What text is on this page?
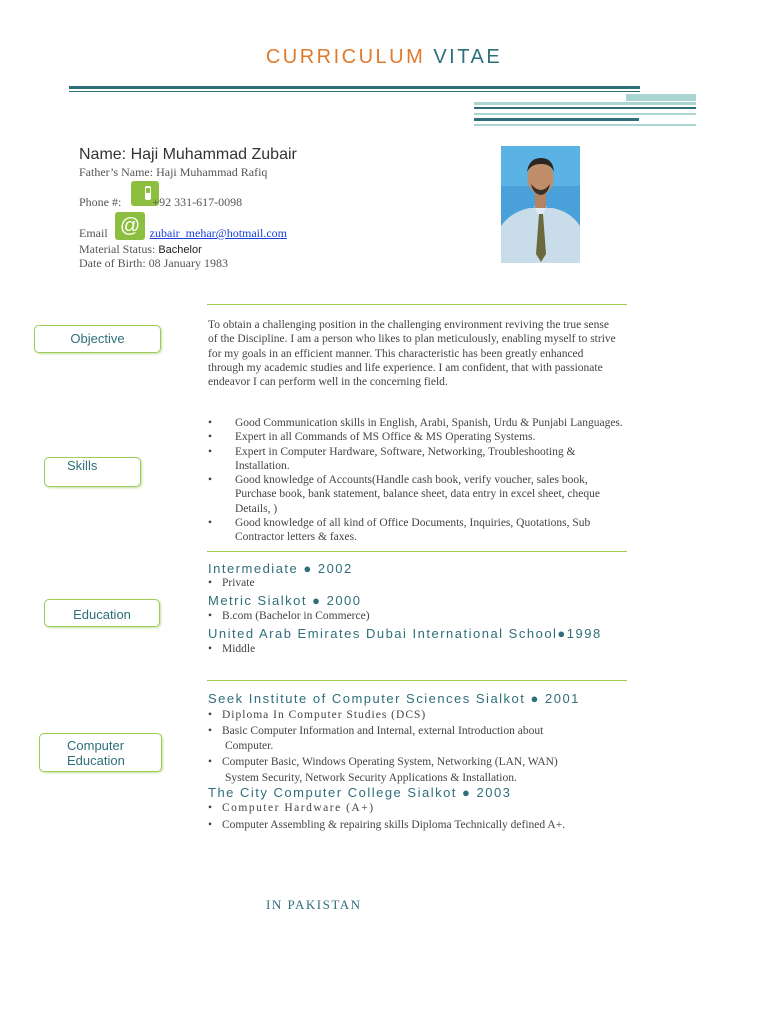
CURRICULUM VITAE
Name: Haji Muhammad Zubair
Father’s Name: Haji Muhammad Rafiq
Phone #:	+92 331-617-0098
@
Email	zubair_mehar@hotmail.com
Material Status: Bachelor
Date of Birth: 08 January 1983
Objective
Skills
Education
Computer
Education
To obtain a challenging position in the challenging environment reviving the true sense
of the Discipline. I am a person who likes to plan meticulously, enabling myself to strive
for my goals in an efficient manner. This characteristic has been greatly enhanced
through my academic studies and life experience. I am confident, that with passionate
endeavor I can perform well in the concerning field.
• Good Communication skills in English, Arabi, Spanish, Urdu & Punjabi Languages.
• Expert in all Commands of MS Office & MS Operating Systems.
• Expert in Computer Hardware, Software, Networking, Troubleshooting &
Installation.
• Good knowledge of Accounts(Handle cash book, verify voucher, sales book,
Purchase book, bank statement, balance sheet, data entry in excel sheet, cheque
Details, )
• Good knowledge of all kind of Office Documents, Inquiries, Quotations, Sub
Contractor letters & faxes.
Intermediate ● 2002
• Private
Metric Sialkot ● 2000
• B.com (Bachelor in Commerce)
United Arab Emirates Dubai International School●1998
• Middle
Seek Institute of Computer Sciences Sialkot ● 2001
• Diploma In Computer Studies (DCS)
• Basic Computer Information and Internal, external Introduction about
Computer.
• Computer Basic, Windows Operating System, Networking (LAN, WAN)
System Security, Network Security Applications & Installation.
The City Computer College Sialkot ● 2003
• Computer Hardware (A+)
• Computer Assembling & repairing skills Diploma Technically defined A+.
IN PAKISTAN
